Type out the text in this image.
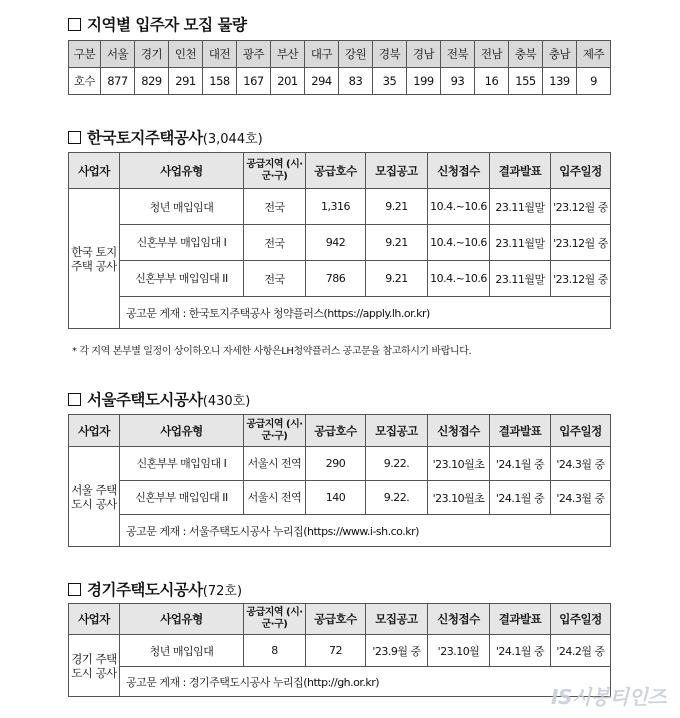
지역별 입주자 모집 물량
구분	서울	경기	인천	대전	광주	부산	대구	강원	경북	경남	전북	전남	충북	충남	제주
호수	877	829	291	158	167	201	294	83	35	199	93	16	155	139	9
한국토지주택공사(3,044호)
사업자	사업유형	공급지역 (시·군·구)	공급호수	모집공고	신청접수	결과발표	입주일정
한국 토지 주택 공사	청년 매입임대	전국	1,316	9.21	10.4.~10.6	23.11월말	'23.12월 중
	신혼부부 매입임대 I	전국	942	9.21	10.4.~10.6	23.11월말	'23.12월 중
	신혼부부 매입임대 II	전국	786	9.21	10.4.~10.6	23.11월말	'23.12월 중
	공고문 게재 : 한국토지주택공사 청약플러스(https://apply.lh.or.kr)						
* 각 지역 본부별 일정이 상이하오니 자세한 사항은LH청약플러스 공고문을 참고하시기 바랍니다.
서울주택도시공사(430호)
사업자	사업유형	공급지역 (시·군·구)	공급호수	모집공고	신청접수	결과발표	입주일정
서울 주택 도시 공사	신혼부부 매입임대 I	서울시 전역	290	9.22.	'23.10월초	'24.1월 중	'24.3월 중
	신혼부부 매입임대 II	서울시 전역	140	9.22.	'23.10월초	'24.1월 중	'24.3월 중
	공고문 게재 : 서울주택도시공사 누리집(https://www.i-sh.co.kr)						
경기주택도시공사(72호)
사업자	사업유형	공급지역 (시·군·구)	공급호수	모집공고	신청접수	결과발표	입주일정
경기 주택 도시 공사	청년 매입임대	8	72	'23.9월 중	'23.10월	'24.1월 중	'24.2월 중
	공고문 게재 : 경기주택도시공사 누리집(http://gh.or.kr)						
IS시봉티인즈
